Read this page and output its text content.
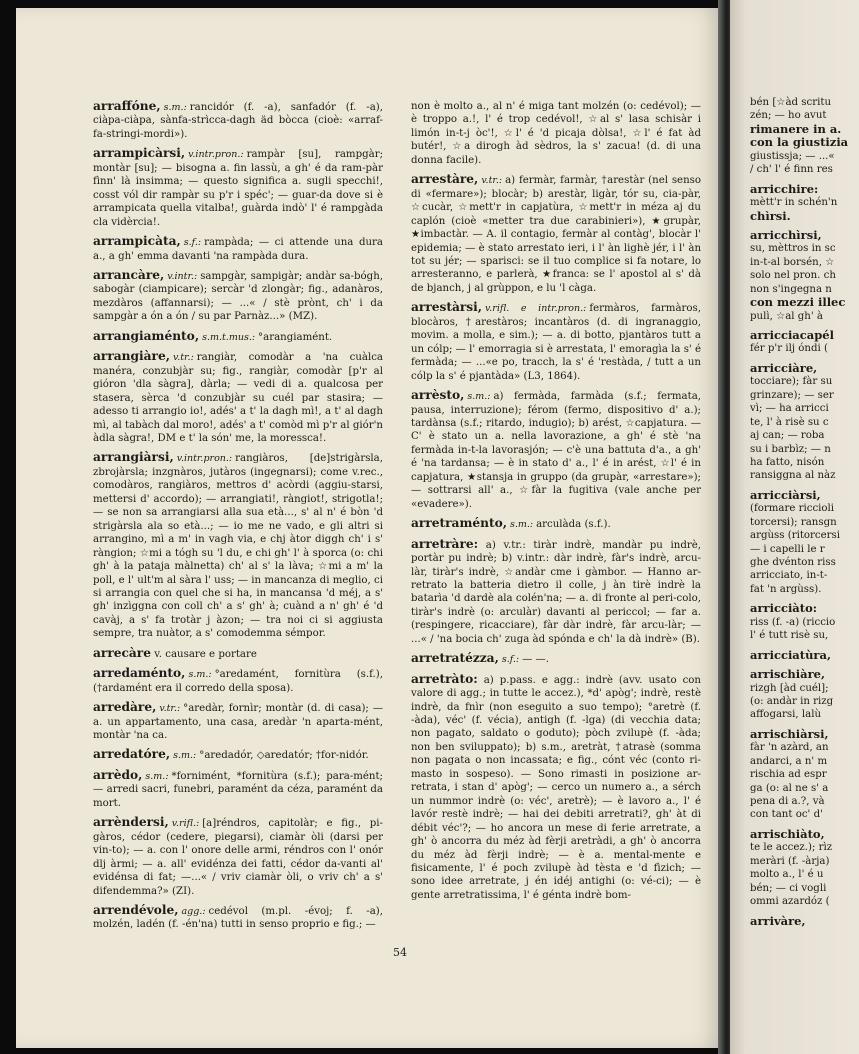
bén [☆àd scritu
zén; — ho avut
rimanere in a.
con la giustizia
giustissja; — ...«
/ ch' l' é finn res
arricchire:
mètt'r in schén'n
chìrsi.
arricchìrsi,
su, mèttros in sc
in-t-al borsén, ☆
solo nel pron. ch
non s'ingegna n
con mezzi illec
pulì, ☆al gh' à
arricciacapél
fér p'r ilj óndi (
arricciàre,
tocciare); fàr su
grinzare); — ser
vì; — ha arricci
te, l' à risè su c
aj can; — roba
su i barbìz; — n
ha fatto, nisón
ransiggna al nàz
arricciàrsi,
(formare riccioli
torcersi); ransgn
argùss (ritorcersi
— i capelli le r
ghe dvénton riss
arricciato, in-t-
fat 'n argùss).
arricciàto:
riss (f. -a) (riccio
l' é tutt risè su,
arricciatùra,
arrischiàre,
rizgh [àd cuél];
(o: andàr in rizg
affogarsi, lalù
arrischiàrsi,
fàr 'n azàrd, an
andarci, a n' m
rischia ad espr
ga (o: al ne s' a
pena di a.?, và
con tant oc' d'
arrischiàto,
te le accez.); rìz
meràri (f. -àrja)
molto a., l' é u
bén; — ci vogli
ommi azardóz (
arrivàre,
arraffóne, s.m.: rancidór (f. -a), sanfadór (f. -a), ciàpa-ciàpa, sànfa-strìcca-dagh äd bòcca (cioè: «arraf-fa-stringi-mordi»).
arrampicàrsi, v.intr.pron.: rampàr [su], rampgàr; montàr [su]; — bisogna a. fin lassù, a gh' é da ram-pàr fìnn' là insimma; — questo significa a. sugli specchi!, cosst vól dir rampàr su p'r i spéc'; — guar-da dove si è arrampicata quella vitalba!, guàrda indò' l' é rampgàda cla vidèrcia!.
arrampicàta, s.f.: rampàda; — ci attende una dura a., a gh' emma davanti 'na rampàda dura.
arrancàre, v.intr.: sampgàr, sampigàr; andàr sa-bógh, sabogàr (ciampicare); sercàr 'd zlongàr; fig., adanàros, mezdàros (affannarsi); — ...« / stè prònt, ch' i da sampgàr a ón a ón / su par Parnàz...» (MZ).
arrangiaménto, s.m.t.mus.: °arangiamént.
arrangiàre, v.tr.: rangiàr, comodàr a 'na cuàlca manéra, conzubjàr su; fig., rangiàr, comodàr [p'r al gióron 'dla sàgra], dàrla; — vedi di a. qualcosa per stasera, sèrca 'd conzubjàr su cuél par stasira; — adesso ti arrangio io!, adés' a t' la dagh mì!, a t' al dagh mì, al tabàch dal moro!, adés' a t' comòd mì p'r al giór'n àdla sàgra!, DM e t' la són' me, la moressca!.
arrangiàrsi, v.intr.pron.: rangiàros, [de]strigàrsla, zbrojàrsla; inzgnàros, jutàros (ingegnarsi); come v.rec., comodàros, rangiàros, mettros d' acòrdi (aggiu-starsi, mettersi d' accordo); — arrangiati!, ràngiot!, strigotla!; — se non sa arrangiarsi alla sua età..., s' al n' é bòn 'd strigàrsla ala so età...; — io me ne vado, e gli altri si arrangino, mì a m' in vagh via, e chj àtor diggh ch' i s' ràngion; ☆mi a tógh su 'l du, e chi gh' l' à sporca (o: chi gh' à la pataja màlnetta) ch' al s' la làva; ☆mi a m' la poll, e l' ult'm al sàra l' uss; — in mancanza di meglio, ci si arrangia con quel che si ha, in mancansa 'd méj, a s' gh' inzìggna con coll ch' a s' gh' à; cuànd a n' gh' é 'd cavàj, a s' fa trotàr j àzon; — tra noi ci si aggiusta sempre, tra nuàtor, a s' comodemma sémpor.
arrecàre v. causare e portare
arredaménto, s.m.: °aredamént, fornitùra (s.f.), (†ardamént era il corredo della sposa).
arredàre, v.tr.: °aredàr, fornìr; montàr (d. di casa); — a. un appartamento, una casa, aredàr 'n aparta-mént, montàr 'na ca.
arredatóre, s.m.: °aredadór, ◇aredatór; †for-nidór.
arrèdo, s.m.: *fornimént, *fornitùra (s.f.); para-mént; — arredi sacri, funebri, paramént da céza, paramént da mort.
arrèndersi, v.rifl.: [a]réndros, capitolàr; e fig., pi-gàros, cédor (cedere, piegarsi), ciamàr òli (darsi per vin-to); — a. con l' onore delle armi, réndros con l' onór dlj àrmi; — a. all' evidénza dei fatti, cédor da-vanti al' evidénsa di fat; —...« / vriv ciamàr òli, o vriv ch' a s' difendemma?» (ZI).
arrendévole, agg.: cedévol (m.pl. -évoj; f. -a), molzén, ladén (f. -én'na) tutti in senso proprio e fig.; —
non è molto a., al n' é miga tant molzén (o: cedévol); — è troppo a.!, l' é trop cedévol!, ☆al s' lasa schisàr i limón in-t-j òc'!, ☆l' é 'd picaja dòlsa!, ☆l' é fat àd butér!, ☆a dirogh àd sèdros, la s' zacua! (d. di una donna facile).
arrestàre, v.tr.: a) fermàr, farmàr, †arestàr (nel senso di «fermare»); blocàr; b) arestàr, ligàr, tór su, cia-pàr, ☆cucàr, ☆mett'r in capjatùra, ☆mett'r in méza aj du caplón (cioè «metter tra due carabinieri»), ★grupàr, ★imbactàr. — A. il contagio, fermàr al contàg', blocàr l' epidemia; — è stato arrestato ieri, i l' àn lighè jér, i l' àn tot su jér; — sparisci: se il tuo complice si fa notare, lo arresteranno, e parlerà, ★franca: se l' apostol al s' dà de bjanch, j al grùppon, e lu 'l càga.
arrestàrsi, v.rifl. e intr.pron.: fermàros, farmàros, blocàros, †arestàros; incantàros (d. di ingranaggio, movim. a molla, e sim.); — a. di botto, pjantàros tutt a un cólp; — l' emorragia si è arrestata, l' emoragìa la s' é fermàda; — ...«e po, tracch, la s' é 'restàda, / tutt a un cólp la s' é pjantàda» (L3, 1864).
arrèsto, s.m.: a) fermàda, farmàda (s.f.; fermata, pausa, interruzione); férom (fermo, dispositivo d' a.); tardànsa (s.f.; ritardo, indugio); b) arést, ☆capjatura. — C' è stato un a. nella lavorazione, a gh' é stè 'na fermàda in-t-la lavorasjón; — c'è una battuta d'a., a gh' é 'na tardansa; — è in stato d' a., l' é in arést, ☆l' é in capjatura, ★stansja in gruppo (da grupàr, «arrestare»); — sottrarsi all' a., ☆fàr la fugitiva (vale anche per «evadere»).
arretraménto, s.m.: arculàda (s.f.).
arretràre: a) v.tr.: tiràr indrè, mandàr pu indrè, portàr pu indrè; b) v.intr.: dàr indrè, fàr's indrè, arcu-làr, tiràr's indrè, ☆andàr cme i gàmbor. — Hanno ar-retrato la batteria dietro il colle, j àn tirè indrè la batarìa 'd dardè ala colén'na; — a. di fronte al peri-colo, tiràr's indrè (o: arculàr) davanti al periccol; — far a. (respingere, ricacciare), fàr dàr indrè, fàr arcu-làr; — ...« / 'na bocia ch' zuga àd spónda e ch' la dà indrè» (B).
arretratézza, s.f.: — —.
arretràto: a) p.pass. e agg.: indrè (avv. usato con valore di agg.; in tutte le accez.), *d' apòg'; indrè, restè indrè, da fnìr (non eseguito a suo tempo); °aretrè (f. -àda), véc' (f. vécia), antigh (f. -lga) (di vecchia data; non pagato, saldato o goduto); pòch zvilupè (f. -àda; non ben sviluppato); b) s.m., aretràt, †atrasè (somma non pagata o non incassata; e fig., cónt véc (conto ri-masto in sospeso). — Sono rimasti in posizione ar-retrata, i stan d' apòg'; — cerco un numero a., a sérch un nummor indrè (o: véc', aretrè); — è lavoro a., l' é lavór restè indrè; — hai dei debiti arretrati?, gh' àt di débit véc'?; — ho ancora un mese di ferie arretrate, a gh' ò ancorra du méz àd fèrji aretràdi, a gh' ò ancorra du méz àd fèrji indrè; — è a. mental-mente e fisicamente, l' é poch zvilupè àd tèsta e 'd fìzich; — sono idee arretrate, j én idéj antighi (o: vé-ci); — è gente arretratissima, l' é génta indrè bom-
54
